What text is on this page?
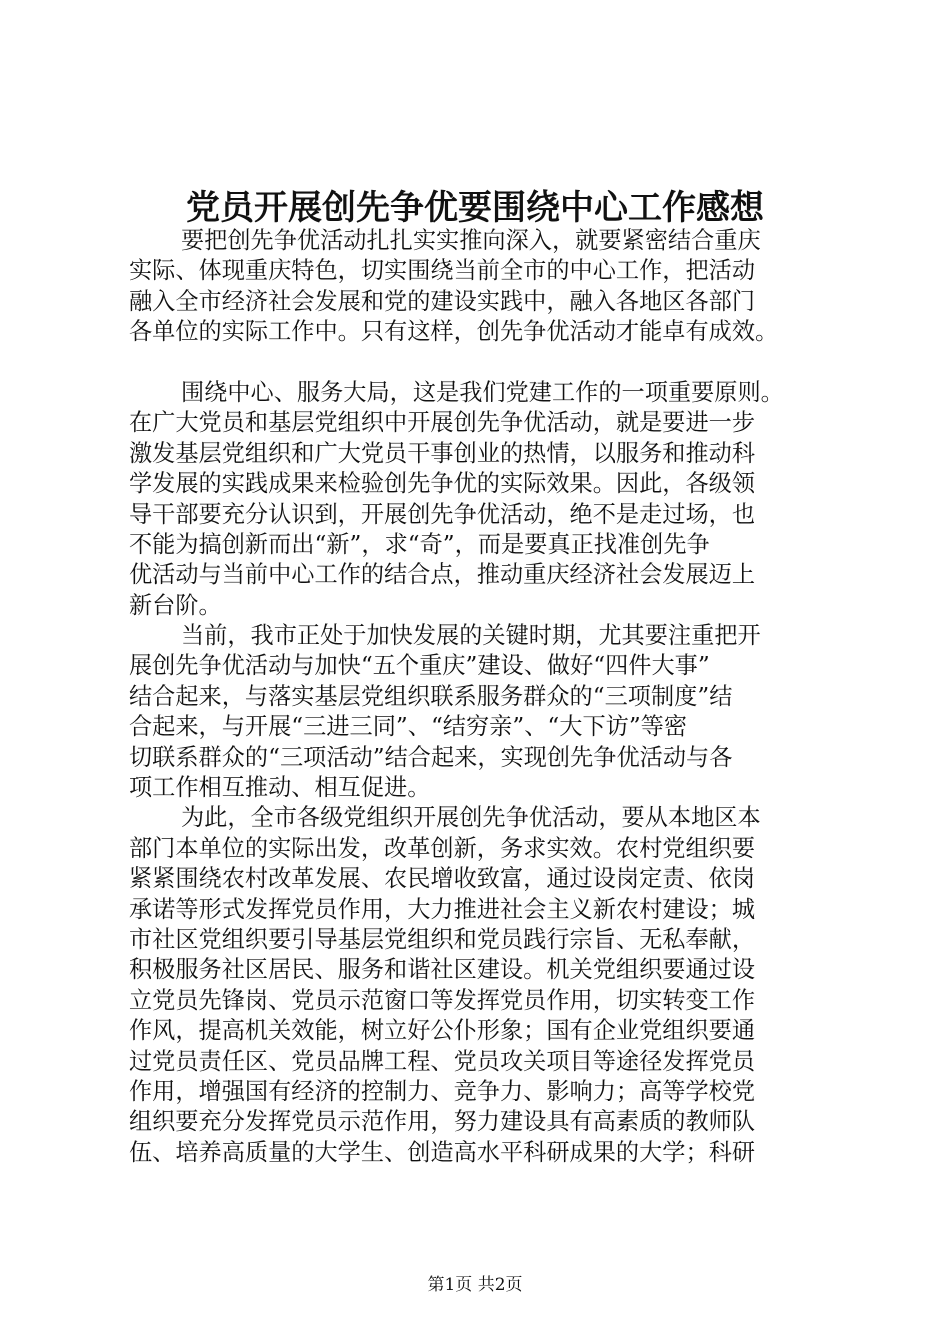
党员开展创先争优要围绕中心工作感想
要把创先争优活动扎扎实实推向深入，就要紧密结合重庆
实际、体现重庆特色，切实围绕当前全市的中心工作，把活动
融入全市经济社会发展和党的建设实践中，融入各地区各部门
各单位的实际工作中。只有这样，创先争优活动才能卓有成效。
围绕中心、服务大局，这是我们党建工作的一项重要原则。
在广大党员和基层党组织中开展创先争优活动，就是要进一步
激发基层党组织和广大党员干事创业的热情，以服务和推动科
学发展的实践成果来检验创先争优的实际效果。因此，各级领
导干部要充分认识到，开展创先争优活动，绝不是走过场，也
不能为搞创新而出“新”，求“奇”，而是要真正找准创先争
优活动与当前中心工作的结合点，推动重庆经济社会发展迈上
新台阶。
当前，我市正处于加快发展的关键时期，尤其要注重把开
展创先争优活动与加快“五个重庆”建设、做好“四件大事”
结合起来，与落实基层党组织联系服务群众的“三项制度”结
合起来，与开展“三进三同”、“结穷亲”、“大下访”等密
切联系群众的“三项活动”结合起来，实现创先争优活动与各
项工作相互推动、相互促进。
为此，全市各级党组织开展创先争优活动，要从本地区本
部门本单位的实际出发，改革创新，务求实效。农村党组织要
紧紧围绕农村改革发展、农民增收致富，通过设岗定责、依岗
承诺等形式发挥党员作用，大力推进社会主义新农村建设；城
市社区党组织要引导基层党组织和党员践行宗旨、无私奉献，
积极服务社区居民、服务和谐社区建设。机关党组织要通过设
立党员先锋岗、党员示范窗口等发挥党员作用，切实转变工作
作风，提高机关效能，树立好公仆形象；国有企业党组织要通
过党员责任区、党员品牌工程、党员攻关项目等途径发挥党员
作用，增强国有经济的控制力、竞争力、影响力；高等学校党
组织要充分发挥党员示范作用，努力建设具有高素质的教师队
伍、培养高质量的大学生、创造高水平科研成果的大学；科研
第1页 共2页
